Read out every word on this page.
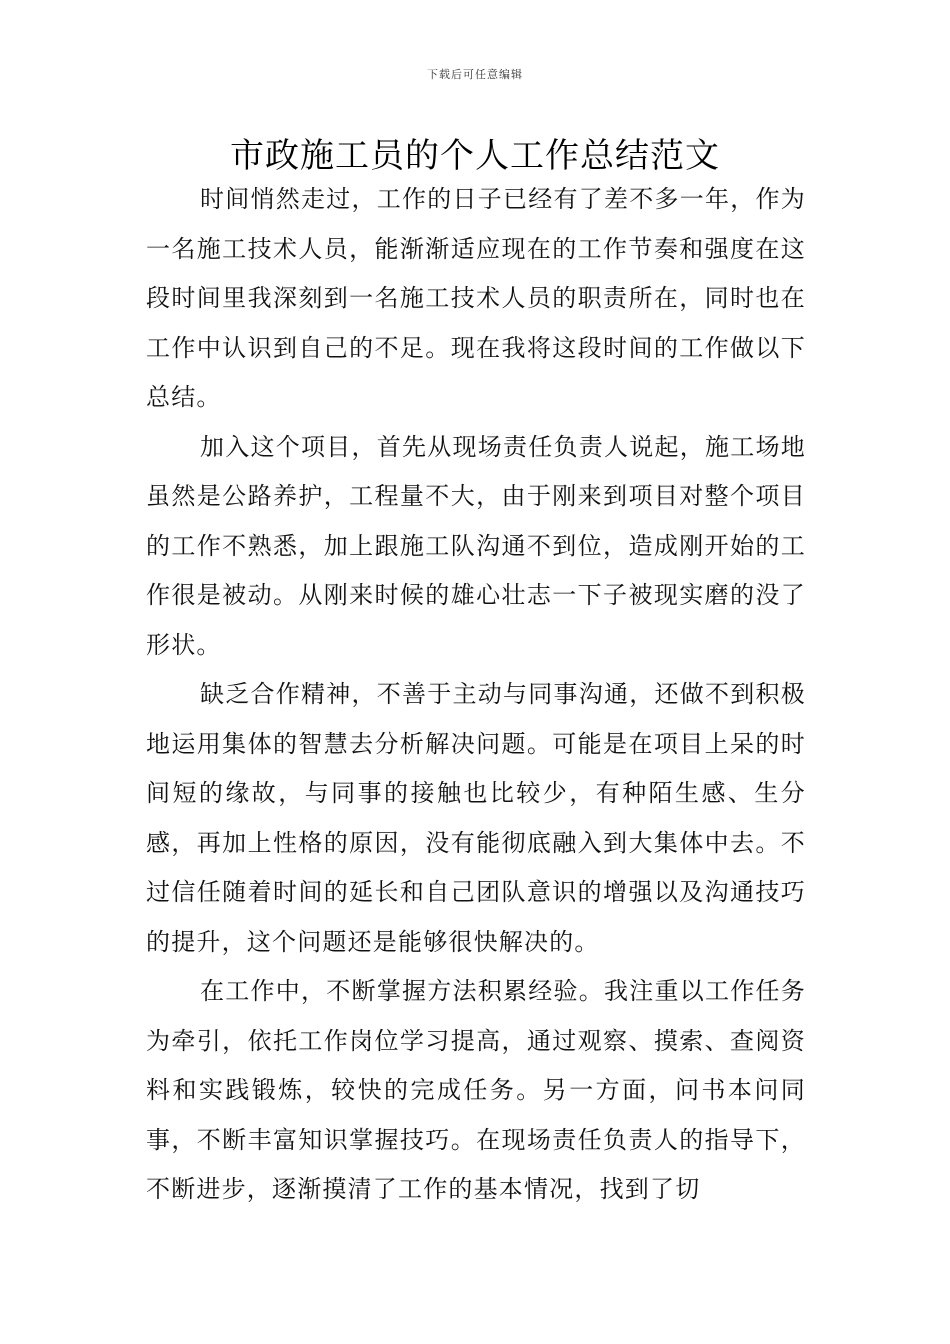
下载后可任意编辑
市政施工员的个人工作总结范文

时间悄然走过，工作的日子已经有了差不多一年，作为一名施工技术人员，能渐渐适应现在的工作节奏和强度在这段时间里我深刻到一名施工技术人员的职责所在，同时也在工作中认识到自己的不足。现在我将这段时间的工作做以下总结。

加入这个项目，首先从现场责任负责人说起，施工场地虽然是公路养护，工程量不大，由于刚来到项目对整个项目的工作不熟悉，加上跟施工队沟通不到位，造成刚开始的工作很是被动。从刚来时候的雄心壮志一下子被现实磨的没了形状。

缺乏合作精神，不善于主动与同事沟通，还做不到积极地运用集体的智慧去分析解决问题。可能是在项目上呆的时间短的缘故，与同事的接触也比较少，有种陌生感、生分感，再加上性格的原因，没有能彻底融入到大集体中去。不过信任随着时间的延长和自己团队意识的增强以及沟通技巧的提升，这个问题还是能够很快解决的。

在工作中，不断掌握方法积累经验。我注重以工作任务为牵引，依托工作岗位学习提高，通过观察、摸索、查阅资料和实践锻炼，较快的完成任务。另一方面，问书本问同事，不断丰富知识掌握技巧。在现场责任负责人的指导下，不断进步，逐渐摸清了工作的基本情况，找到了切
